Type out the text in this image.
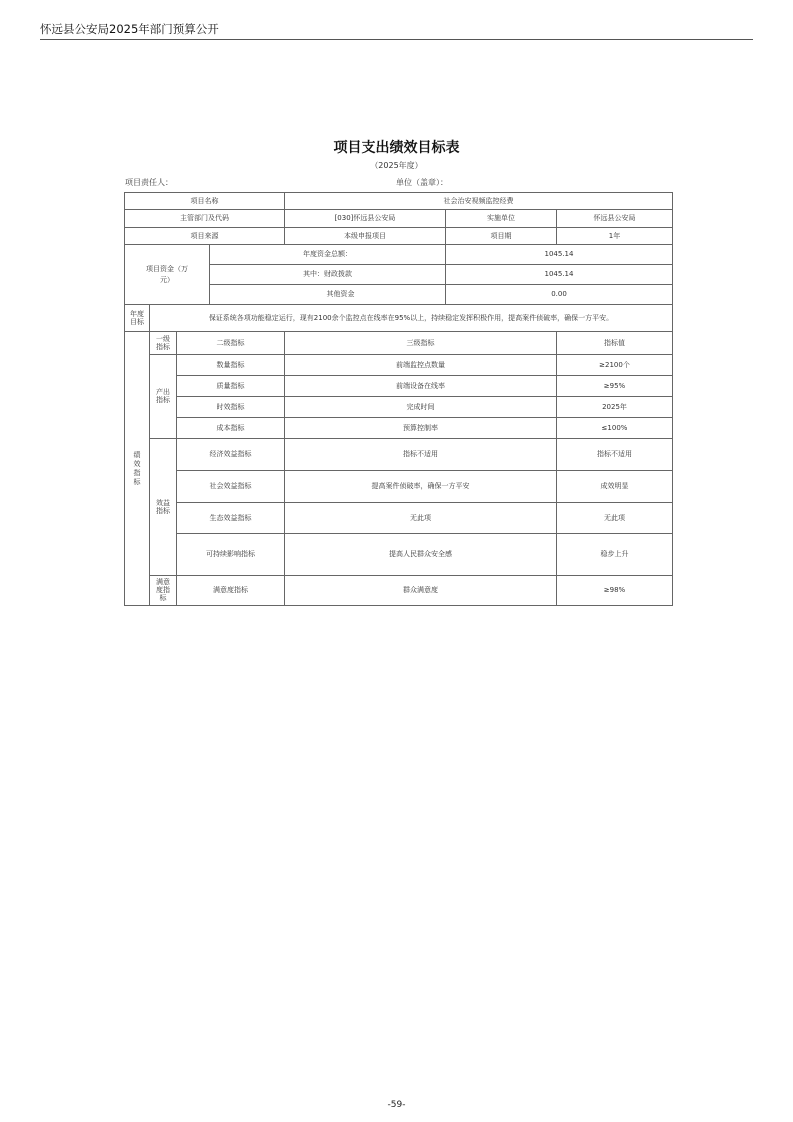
怀远县公安局2025年部门预算公开
项目支出绩效目标表
（2025年度）
项目责任人：	单位（盖章）：
项目名称				社会治安视频监控经费		
主管部门及代码				[030]怀远县公安局	实施单位	怀远县公安局
项目来源				本级申报项目	项目期	1年
项目资金（万元）			年度资金总额：		1045.14	
			其中：财政拨款		1045.14	
			其他资金		0.00	
年度目标	保证系统各项功能稳定运行，现有2100余个监控点在线率在95%以上，持续稳定发挥积极作用，提高案件侦破率，确保一方平安。					
绩效指标	一级指标	二级指标		三级指标		指标值
	产出指标	数量指标		前端监控点数量		≥2100个
		质量指标		前端设备在线率		≥95%
		时效指标		完成时间		2025年
		成本指标		预算控制率		≤100%
	效益指标	经济效益指标		指标不适用		指标不适用
		社会效益指标		提高案件侦破率，确保一方平安		成效明显
		生态效益指标		无此项		无此项
		可持续影响指标		提高人民群众安全感		稳步上升
	满意度指标	满意度指标		群众满意度		≥98%
-59-
